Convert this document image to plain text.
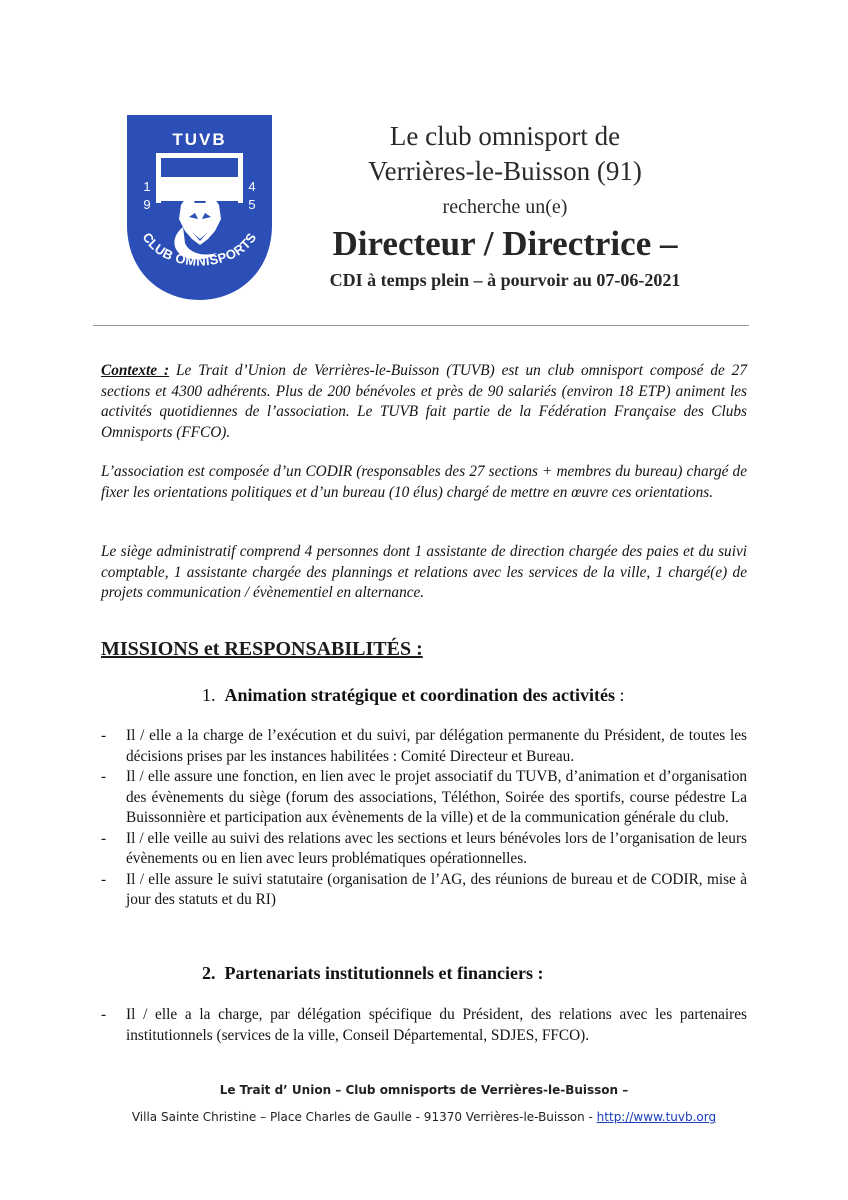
TUVB
1
9
4
5
CLUB OMNISPORTS
Le club omnisport de
Verrières-le-Buisson (91)
recherche un(e)
Directeur / Directrice –
CDI à temps plein – à pourvoir au 07-06-2021
Contexte : Le Trait d’Union de Verrières-le-Buisson (TUVB) est un club omnisport composé de 27 sections et 4300 adhérents. Plus de 200 bénévoles et près de 90 salariés (environ 18 ETP) animent les activités quotidiennes de l’association. Le TUVB fait partie de la Fédération Française des Clubs Omnisports (FFCO).
L’association est composée d’un CODIR (responsables des 27 sections + membres du bureau) chargé de fixer les orientations politiques et d’un bureau (10 élus) chargé de mettre en œuvre ces orientations.
Le siège administratif comprend 4 personnes dont 1 assistante de direction chargée des paies et du suivi comptable, 1 assistante chargée des plannings et relations avec les services de la ville, 1 chargé(e) de projets communication / évènementiel en alternance.
MISSIONS et RESPONSABILITÉS :
1. Animation stratégique et coordination des activités :
- Il / elle a la charge de l’exécution et du suivi, par délégation permanente du Président, de toutes les décisions prises par les instances habilitées : Comité Directeur et Bureau.
- Il / elle assure une fonction, en lien avec le projet associatif du TUVB, d’animation et d’organisation des évènements du siège (forum des associations, Téléthon, Soirée des sportifs, course pédestre La Buissonnière et participation aux évènements de la ville) et de la communication générale du club.
- Il / elle veille au suivi des relations avec les sections et leurs bénévoles lors de l’organisation de leurs évènements ou en lien avec leurs problématiques opérationnelles.
- Il / elle assure le suivi statutaire (organisation de l’AG, des réunions de bureau et de CODIR, mise à jour des statuts et du RI)
2. Partenariats institutionnels et financiers :
- Il / elle a la charge, par délégation spécifique du Président, des relations avec les partenaires institutionnels (services de la ville, Conseil Départemental, SDJES, FFCO).
Le Trait d’ Union – Club omnisports de Verrières-le-Buisson –
Villa Sainte Christine – Place Charles de Gaulle - 91370 Verrières-le-Buisson - http://www.tuvb.org
